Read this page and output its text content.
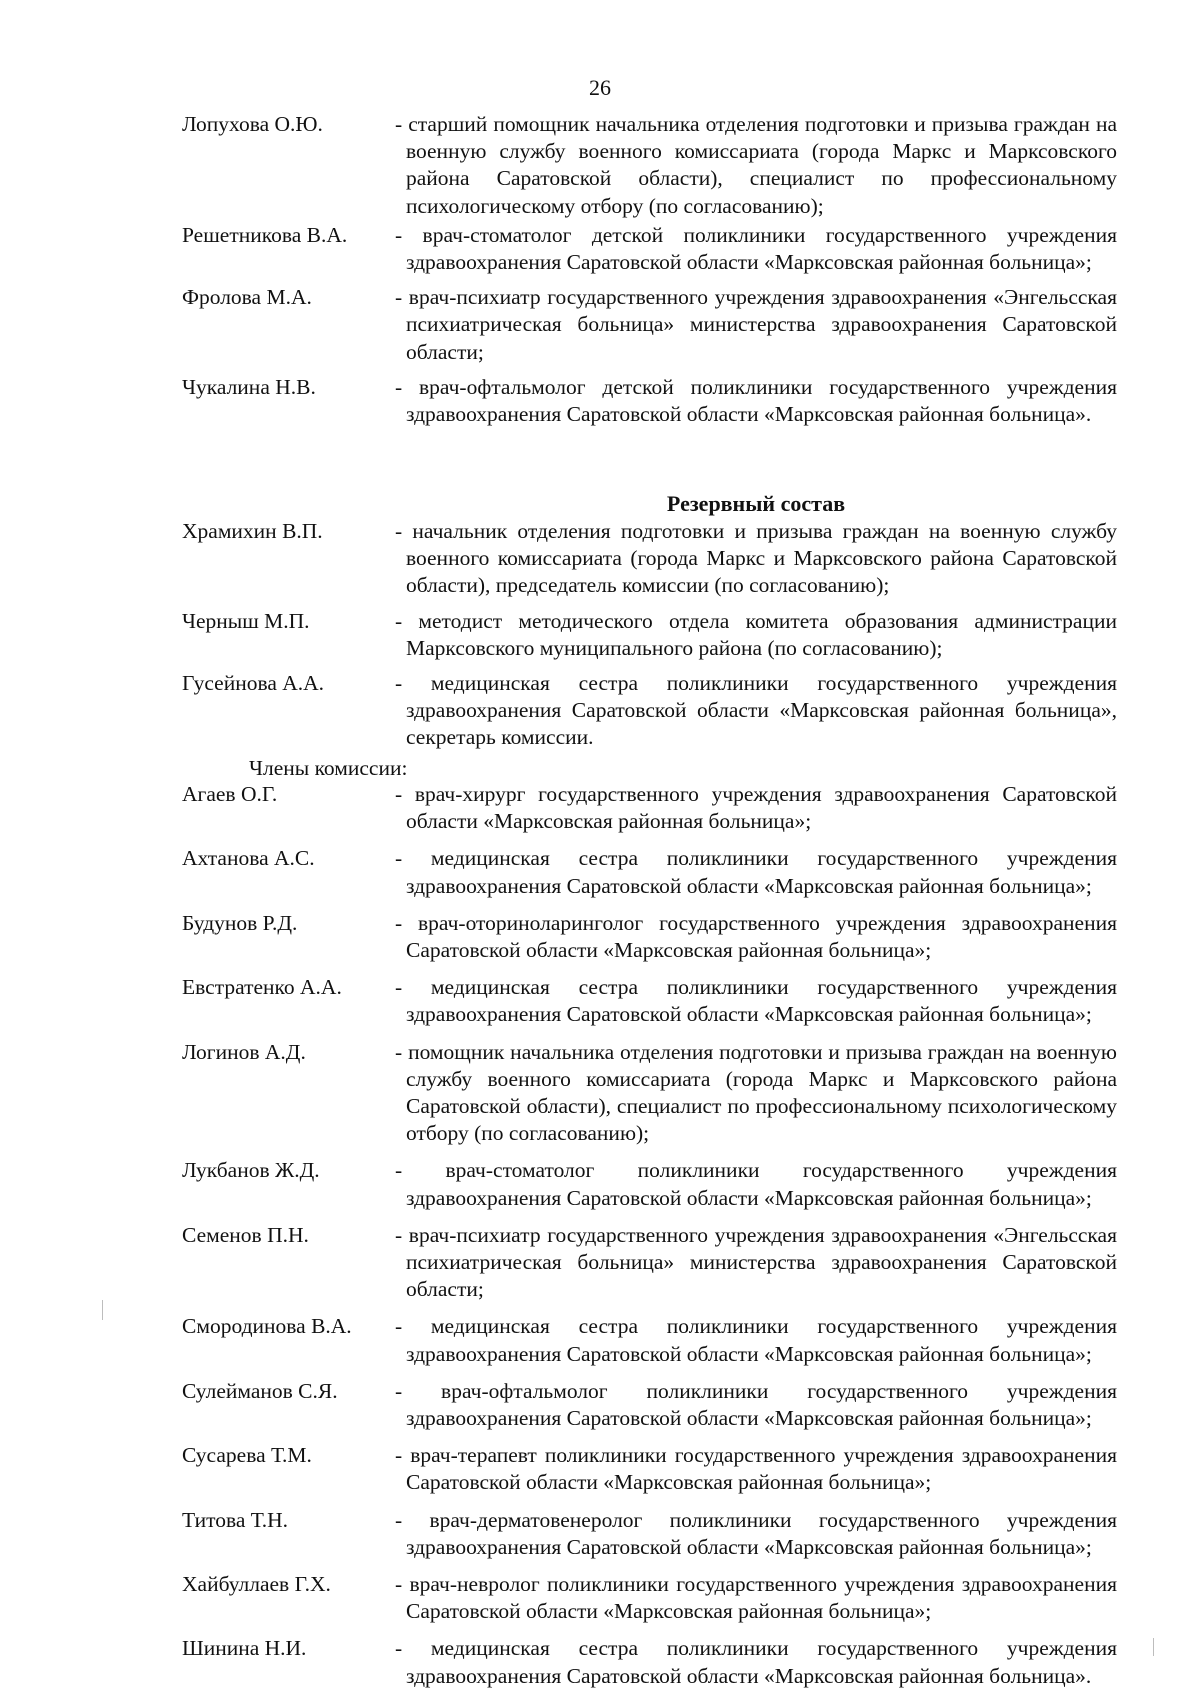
26
Лопухова О.Ю.	- старший помощник начальника отделения подготовки и призыва граждан на военную службу военного комиссариата (города Маркс и Марксовского района Саратовской области), специалист по профессиональному психологическому отбору (по согласованию);
Решетникова В.А.	- врач-стоматолог детской поликлиники государственного учреждения здравоохранения Саратовской области «Марксовская районная больница»;
Фролова М.А.	- врач-психиатр государственного учреждения здравоохранения «Энгельсская психиатрическая больница» министерства здравоохранения Саратовской области;
Чукалина Н.В.	- врач-офтальмолог детской поликлиники государственного учреждения здравоохранения Саратовской области «Марксовская районная больница».
Резервный состав
Храмихин В.П.	- начальник отделения подготовки и призыва граждан на военную службу военного комиссариата (города Маркс и Марксовского района Саратовской области), председатель комиссии (по согласованию);
Черныш М.П.	- методист методического отдела комитета образования администрации Марксовского муниципального района (по согласованию);
Гусейнова А.А.	- медицинская сестра поликлиники государственного учреждения здравоохранения Саратовской области «Марксовская районная больница», секретарь комиссии.
Члены комиссии:
Агаев О.Г.	- врач-хирург государственного учреждения здравоохранения Саратовской области «Марксовская районная больница»;
Ахтанова А.С.	- медицинская сестра поликлиники государственного учреждения здравоохранения Саратовской области «Марксовская районная больница»;
Будунов Р.Д.	- врач-оториноларинголог государственного учреждения здравоохранения Саратовской области «Марксовская районная больница»;
Евстратенко А.А.	- медицинская сестра поликлиники государственного учреждения здравоохранения Саратовской области «Марксовская районная больница»;
Логинов А.Д.	- помощник начальника отделения подготовки и призыва граждан на военную службу военного комиссариата (города Маркс и Марксовского района Саратовской области), специалист по профессиональному психологическому отбору (по согласованию);
Лукбанов Ж.Д.	- врач-стоматолог поликлиники государственного учреждения здравоохранения Саратовской области «Марксовская районная больница»;
Семенов П.Н.	- врач-психиатр государственного учреждения здравоохранения «Энгельсская психиатрическая больница» министерства здравоохранения Саратовской области;
Смородинова В.А.	- медицинская сестра поликлиники государственного учреждения здравоохранения Саратовской области «Марксовская районная больница»;
Сулейманов С.Я.	- врач-офтальмолог поликлиники государственного учреждения здравоохранения Саратовской области «Марксовская районная больница»;
Сусарева Т.М.	- врач-терапевт поликлиники государственного учреждения здравоохранения Саратовской области «Марксовская районная больница»;
Титова Т.Н.	- врач-дерматовенеролог поликлиники государственного учреждения здравоохранения Саратовской области «Марксовская районная больница»;
Хайбуллаев Г.Х.	- врач-невролог поликлиники государственного учреждения здравоохранения Саратовской области «Марксовская районная больница»;
Шинина Н.И.	- медицинская сестра поликлиники государственного учреждения здравоохранения Саратовской области «Марксовская районная больница».
